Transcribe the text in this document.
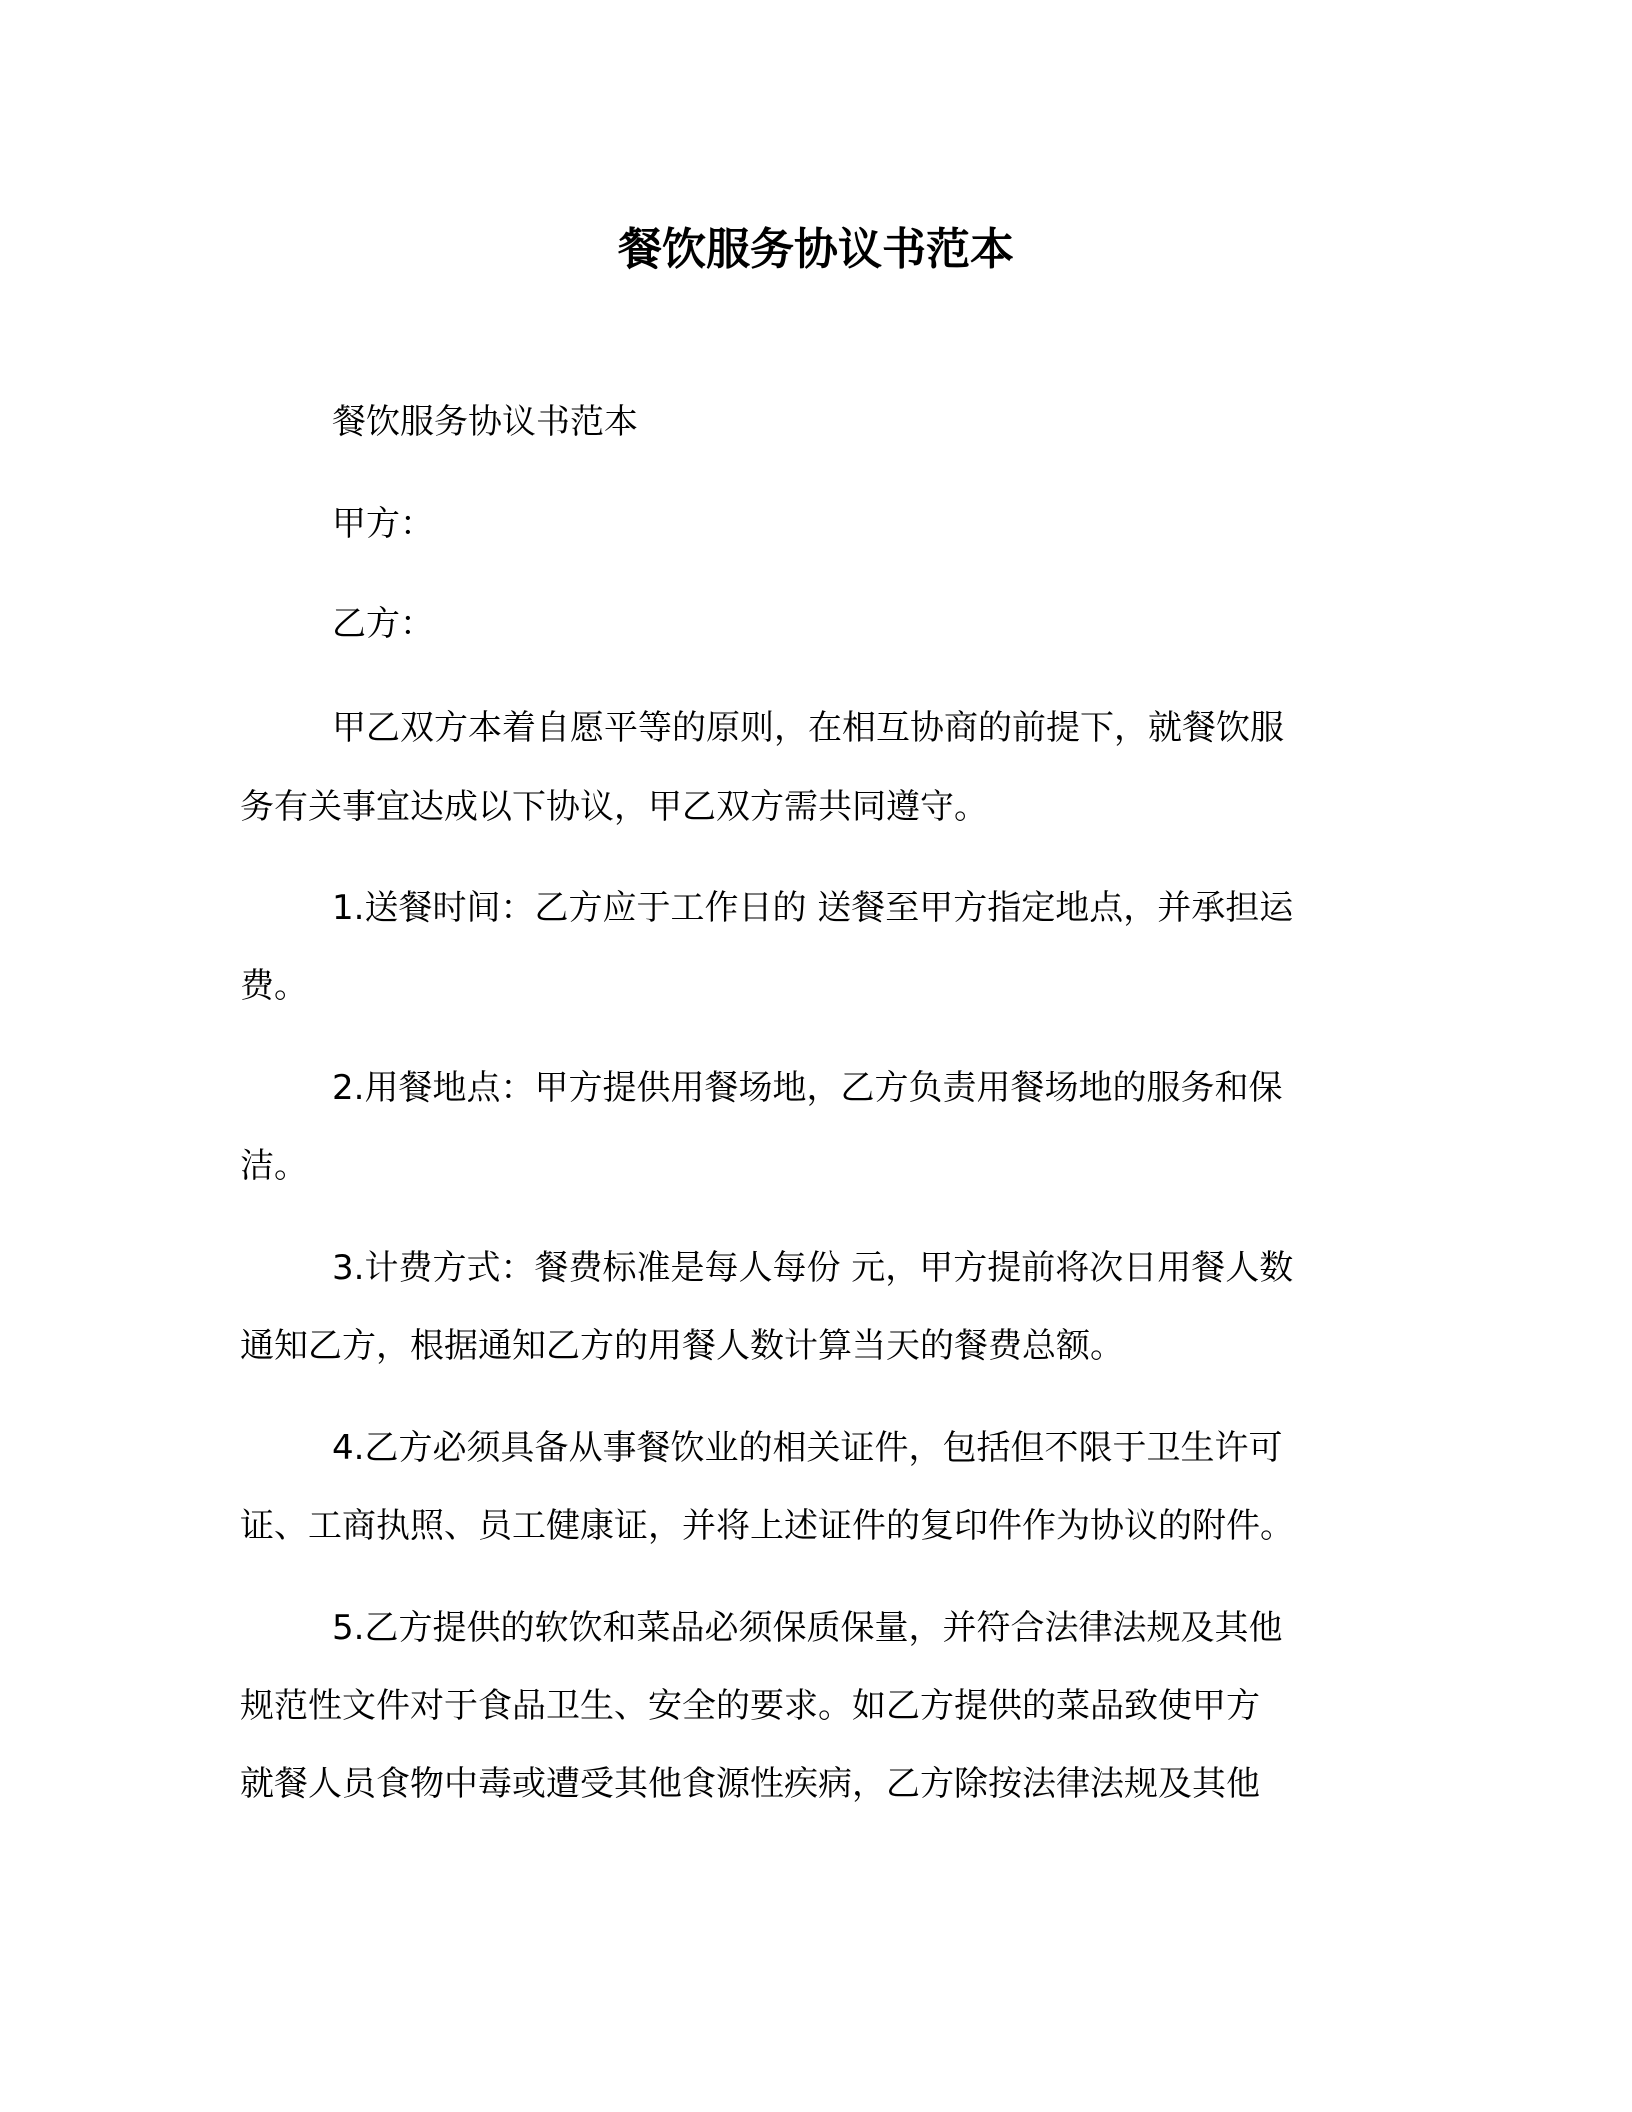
餐饮服务协议书范本

餐饮服务协议书范本

甲方：

乙方：

甲乙双方本着自愿平等的原则，在相互协商的前提下，就餐饮服

务有关事宜达成以下协议，甲乙双方需共同遵守。

1.送餐时间：乙方应于工作日的 送餐至甲方指定地点，并承担运

费。

2.用餐地点：甲方提供用餐场地，乙方负责用餐场地的服务和保

洁。

3.计费方式：餐费标准是每人每份 元，甲方提前将次日用餐人数

通知乙方，根据通知乙方的用餐人数计算当天的餐费总额。

4.乙方必须具备从事餐饮业的相关证件，包括但不限于卫生许可

证、工商执照、员工健康证，并将上述证件的复印件作为协议的附件。

5.乙方提供的软饮和菜品必须保质保量，并符合法律法规及其他

规范性文件对于食品卫生、安全的要求。如乙方提供的菜品致使甲方

就餐人员食物中毒或遭受其他食源性疾病，乙方除按法律法规及其他
